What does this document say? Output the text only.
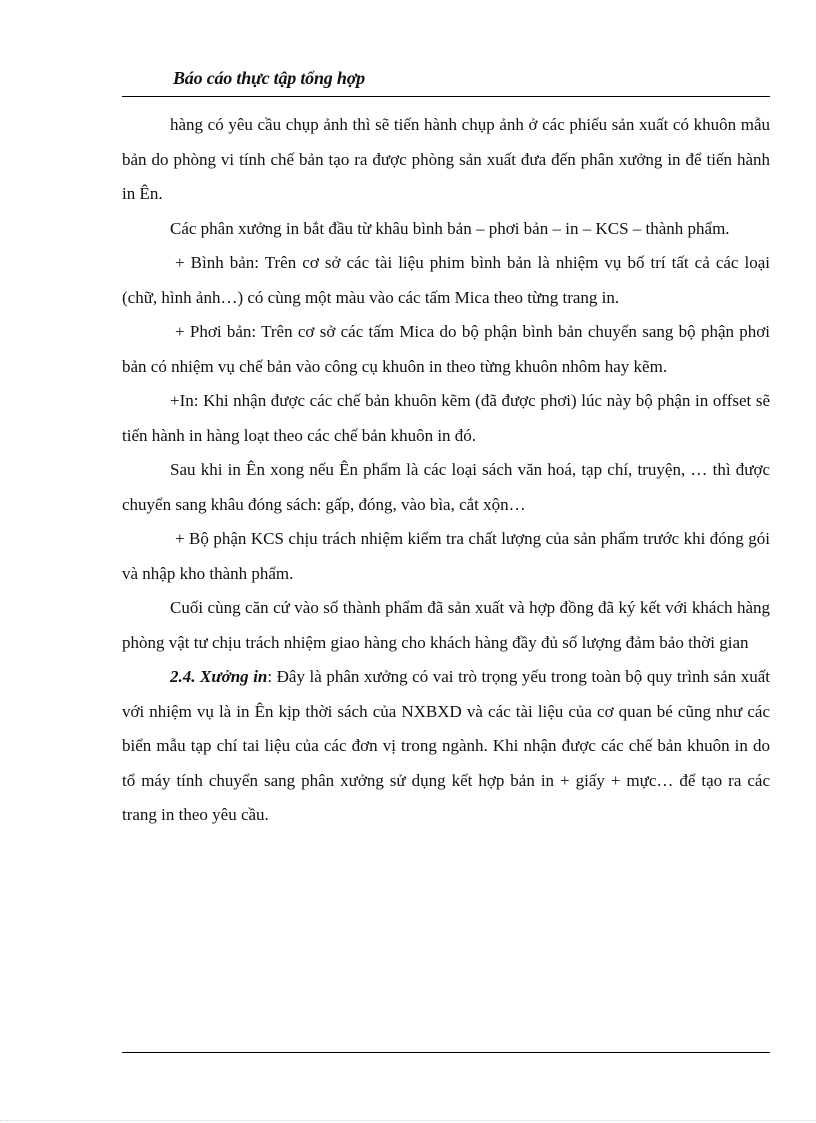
Báo cáo thực tập tổng hợp

hàng có yêu cầu chụp ảnh thì sẽ tiến hành chụp ảnh ở các phiếu sản xuất có khuôn mẫu bản do phòng vi tính chế bản tạo ra được phòng sản xuất đưa đến phân xưởng in để tiến hành in Ên.

Các phân xưởng in bắt đầu từ khâu bình bản – phơi bản – in – KCS – thành phẩm.

+ Bình bản: Trên cơ sở các tài liệu phim bình bản là nhiệm vụ bố trí tất cả các loại (chữ, hình ảnh…) có cùng một màu vào các tấm Mica theo từng trang in.

+ Phơi bản: Trên cơ sở các tấm Mica do bộ phận bình bản chuyển sang bộ phận phơi bản có nhiệm vụ chế bản vào công cụ khuôn in theo từng khuôn nhôm hay kẽm.

+In: Khi nhận được các chế bản khuôn kẽm (đã được phơi) lúc này bộ phận in offset sẽ tiến hành in hàng loạt theo các chế bản khuôn in đó.

Sau khi in Ên xong nếu Ên phẩm là các loại sách văn hoá, tạp chí, truyện, … thì được chuyển sang khâu đóng sách: gấp, đóng, vào bìa, cắt xộn…

+ Bộ phận KCS chịu trách nhiệm kiểm tra chất lượng của sản phẩm trước khi đóng gói và nhập kho thành phẩm.

Cuối cùng căn cứ vào số thành phẩm đã sản xuất và hợp đồng đã ký kết với khách hàng phòng vật tư chịu trách nhiệm giao hàng cho khách hàng đầy đủ số lượng đảm bảo thời gian

2.4. Xưởng in: Đây là phân xưởng có vai trò trọng yếu trong toàn bộ quy trình sản xuất với nhiệm vụ là in Ên kịp thời sách của NXBXD và các tài liệu của cơ quan bé cũng như các biển mẫu tạp chí tai liệu của các đơn vị trong ngành. Khi nhận được các chế bản khuôn in do tổ máy tính chuyển sang phân xưởng sử dụng kết hợp bản in + giấy + mực… để tạo ra các trang in theo yêu cầu.
